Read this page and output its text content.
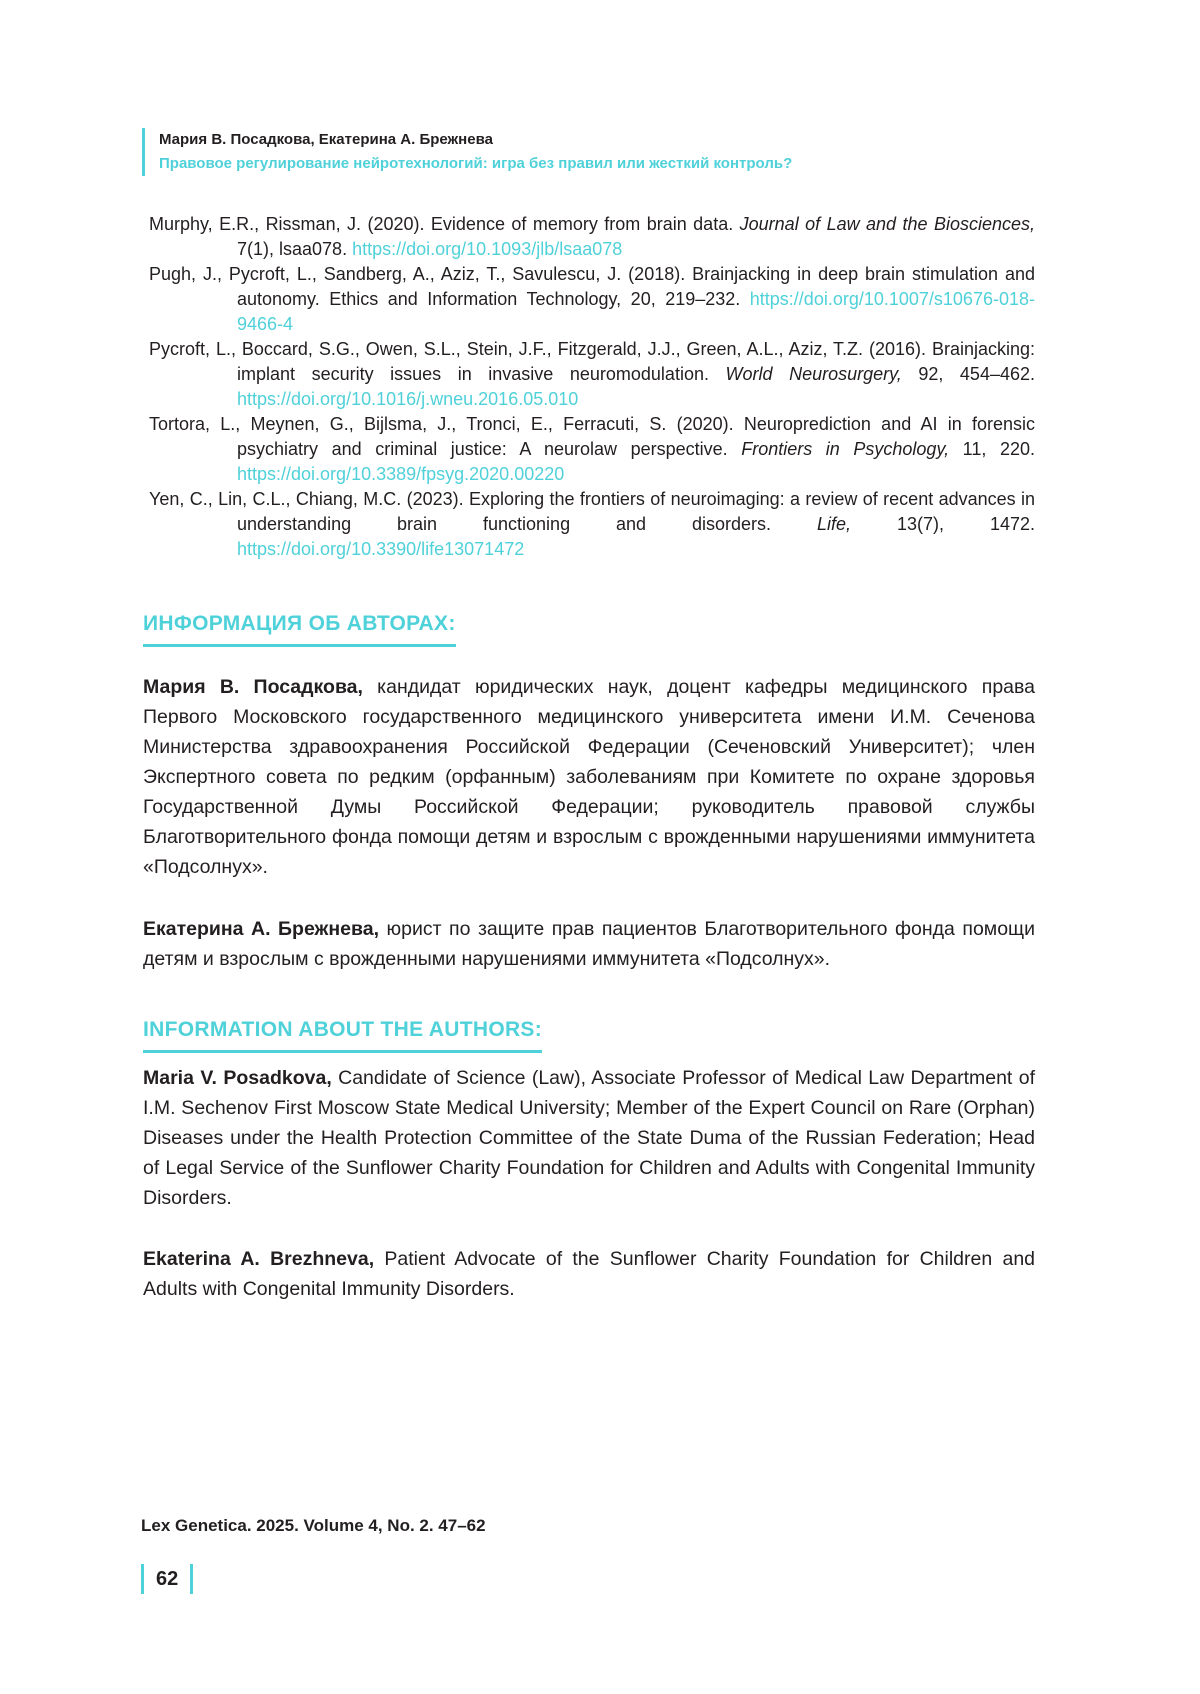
Мария В. Посадкова, Екатерина А. Брежнева
Правовое регулирование нейротехнологий: игра без правил или жесткий контроль?

Murphy, E.R., Rissman, J. (2020). Evidence of memory from brain data. Journal of Law and the Biosciences, 7(1), lsaa078. https://doi.org/10.1093/jlb/lsaa078

Pugh, J., Pycroft, L., Sandberg, A., Aziz, T., Savulescu, J. (2018). Brainjacking in deep brain stimulation and autonomy. Ethics and Information Technology, 20, 219–232. https://doi.org/10.1007/s10676-018-9466-4

Pycroft, L., Boccard, S.G., Owen, S.L., Stein, J.F., Fitzgerald, J.J., Green, A.L., Aziz, T.Z. (2016). Brainjacking: implant security issues in invasive neuromodulation. World Neurosurgery, 92, 454–462. https://doi.org/10.1016/j.wneu.2016.05.010

Tortora, L., Meynen, G., Bijlsma, J., Tronci, E., Ferracuti, S. (2020). Neuroprediction and AI in forensic psychiatry and criminal justice: A neurolaw perspective. Frontiers in Psychology, 11, 220. https://doi.org/10.3389/fpsyg.2020.00220

Yen, C., Lin, C.L., Chiang, M.C. (2023). Exploring the frontiers of neuroimaging: a review of recent advances in understanding brain functioning and disorders. Life, 13(7), 1472. https://doi.org/10.3390/life13071472

ИНФОРМАЦИЯ ОБ АВТОРАХ:

Мария В. Посадкова, кандидат юридических наук, доцент кафедры медицинского права Первого Московского государственного медицинского университета имени И.М. Сеченова Министерства здравоохранения Российской Федерации (Сеченовский Университет); член Экспертного совета по редким (орфанным) заболеваниям при Комитете по охране здоровья Государственной Думы Российской Федерации; руководитель правовой службы Благотворительного фонда помощи детям и взрослым с врожденными нарушениями иммунитета «Подсолнух».

Екатерина А. Брежнева, юрист по защите прав пациентов Благотворительного фонда помощи детям и взрослым с врожденными нарушениями иммунитета «Подсолнух».

INFORMATION ABOUT THE AUTHORS:

Maria V. Posadkova, Candidate of Science (Law), Associate Professor of Medical Law Department of I.M. Sechenov First Moscow State Medical University; Member of the Expert Council on Rare (Orphan) Diseases under the Health Protection Committee of the State Duma of the Russian Federation; Head of Legal Service of the Sunflower Charity Foundation for Children and Adults with Congenital Immunity Disorders.

Ekaterina A. Brezhneva, Patient Advocate of the Sunflower Charity Foundation for Children and Adults with Congenital Immunity Disorders.

Lex Genetica. 2025. Volume 4, No. 2. 47–62
62
